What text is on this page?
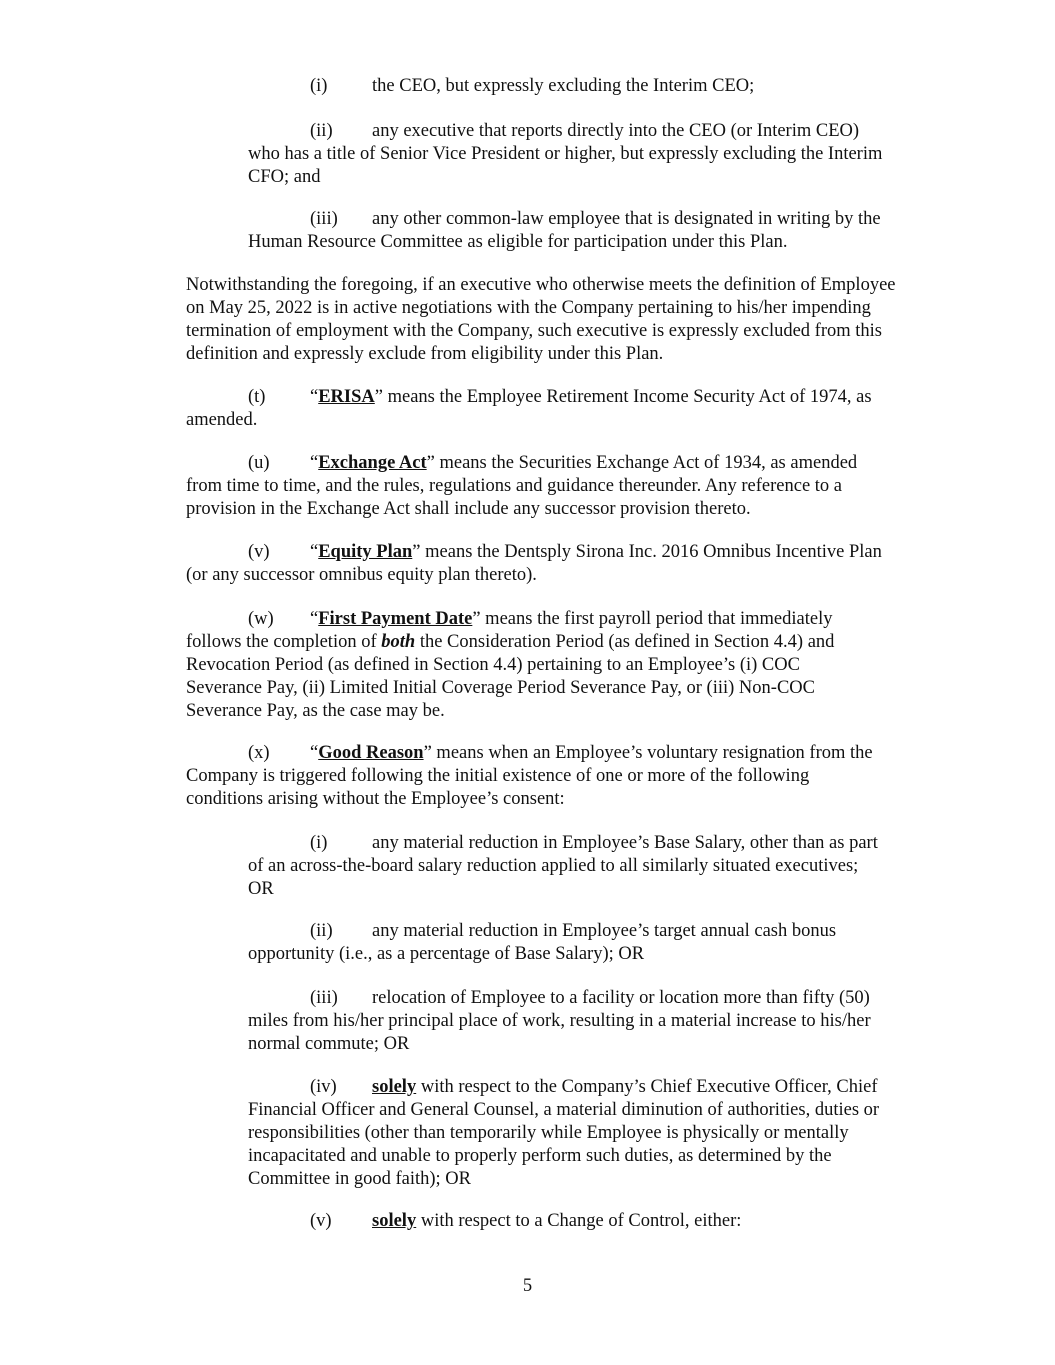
(i) the CEO, but expressly excluding the Interim CEO;

(ii) any executive that reports directly into the CEO (or Interim CEO)
who has a title of Senior Vice President or higher, but expressly excluding the Interim
CFO; and

(iii) any other common-law employee that is designated in writing by the
Human Resource Committee as eligible for participation under this Plan.

Notwithstanding the foregoing, if an executive who otherwise meets the definition of Employee
on May 25, 2022 is in active negotiations with the Company pertaining to his/her impending
termination of employment with the Company, such executive is expressly excluded from this
definition and expressly exclude from eligibility under this Plan.

(t) “ERISA” means the Employee Retirement Income Security Act of 1974, as
amended.

(u) “Exchange Act” means the Securities Exchange Act of 1934, as amended
from time to time, and the rules, regulations and guidance thereunder. Any reference to a
provision in the Exchange Act shall include any successor provision thereto.

(v) “Equity Plan” means the Dentsply Sirona Inc. 2016 Omnibus Incentive Plan
(or any successor omnibus equity plan thereto).

(w) “First Payment Date” means the first payroll period that immediately
follows the completion of both the Consideration Period (as defined in Section 4.4) and
Revocation Period (as defined in Section 4.4) pertaining to an Employee’s (i) COC
Severance Pay, (ii) Limited Initial Coverage Period Severance Pay, or (iii) Non-COC
Severance Pay, as the case may be.

(x) “Good Reason” means when an Employee’s voluntary resignation from the
Company is triggered following the initial existence of one or more of the following
conditions arising without the Employee’s consent:

(i) any material reduction in Employee’s Base Salary, other than as part
of an across-the-board salary reduction applied to all similarly situated executives;
OR

(ii) any material reduction in Employee’s target annual cash bonus
opportunity (i.e., as a percentage of Base Salary); OR

(iii) relocation of Employee to a facility or location more than fifty (50)
miles from his/her principal place of work, resulting in a material increase to his/her
normal commute; OR

(iv) solely with respect to the Company’s Chief Executive Officer, Chief
Financial Officer and General Counsel, a material diminution of authorities, duties or
responsibilities (other than temporarily while Employee is physically or mentally
incapacitated and unable to properly perform such duties, as determined by the
Committee in good faith); OR

(v) solely with respect to a Change of Control, either:

5
